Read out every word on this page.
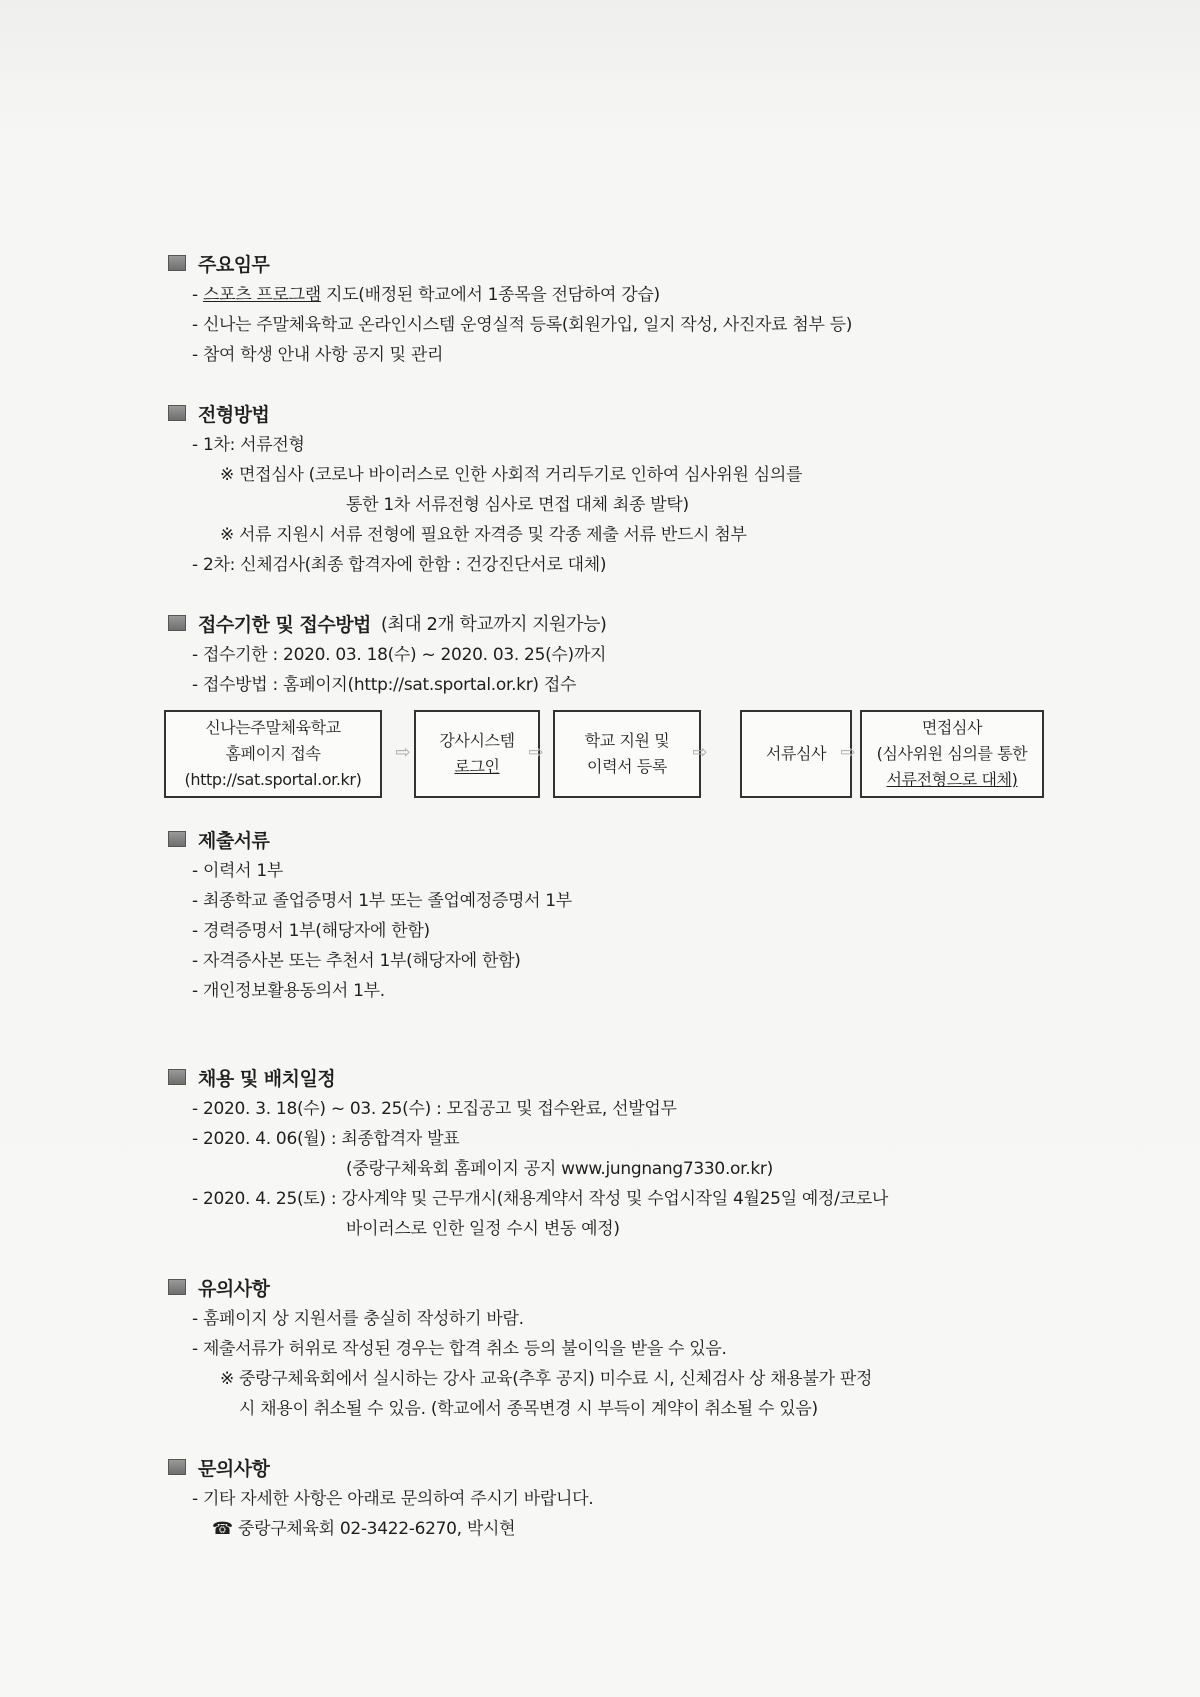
주요임무
- 스포츠 프로그램 지도(배정된 학교에서 1종목을 전담하여 강습)
- 신나는 주말체육학교 온라인시스템 운영실적 등록(회원가입, 일지 작성, 사진자료 첨부 등)
- 참여 학생 안내 사항 공지 및 관리
전형방법
- 1차: 서류전형
※ 면접심사 (코로나 바이러스로 인한 사회적 거리두기로 인하여 심사위원 심의를
통한 1차 서류전형 심사로 면접 대체 최종 발탁)
※ 서류 지원시 서류 전형에 필요한 자격증 및 각종 제출 서류 반드시 첨부
- 2차: 신체검사(최종 합격자에 한함 : 건강진단서로 대체)
접수기한 및 접수방법 (최대 2개 학교까지 지원가능)
- 접수기한 : 2020. 03. 18(수) ~ 2020. 03. 25(수)까지
- 접수방법 : 홈페이지(http://sat.sportal.or.kr) 접수
신나는주말체육학교
홈페이지 접속
(http://sat.sportal.or.kr)
⇨
강사시스템
로그인
⇨
학교 지원 및
이력서 등록
⇨	서류심사 ⇨
면접심사
(심사위원 심의를 통한
서류전형으로 대체)
제출서류
- 이력서 1부
- 최종학교 졸업증명서 1부 또는 졸업예정증명서 1부
- 경력증명서 1부(해당자에 한함)
- 자격증사본 또는 추천서 1부(해당자에 한함)
- 개인정보활용동의서 1부.
채용 및 배치일정
- 2020. 3. 18(수) ~ 03. 25(수) : 모집공고 및 접수완료, 선발업무
- 2020. 4. 06(월) : 최종합격자 발표
(중랑구체육회 홈페이지 공지 www.jungnang7330.or.kr)
- 2020. 4. 25(토) : 강사계약 및 근무개시(채용계약서 작성 및 수업시작일 4월25일 예정/코로나
바이러스로 인한 일정 수시 변동 예정)
유의사항
- 홈페이지 상 지원서를 충실히 작성하기 바람.
- 제출서류가 허위로 작성된 경우는 합격 취소 등의 불이익을 받을 수 있음.
※ 중랑구체육회에서 실시하는 강사 교육(추후 공지) 미수료 시, 신체검사 상 채용불가 판정
시 채용이 취소될 수 있음. (학교에서 종목변경 시 부득이 계약이 취소될 수 있음)
문의사항
- 기타 자세한 사항은 아래로 문의하여 주시기 바랍니다.
☎ 중랑구체육회 02-3422-6270, 박시현
